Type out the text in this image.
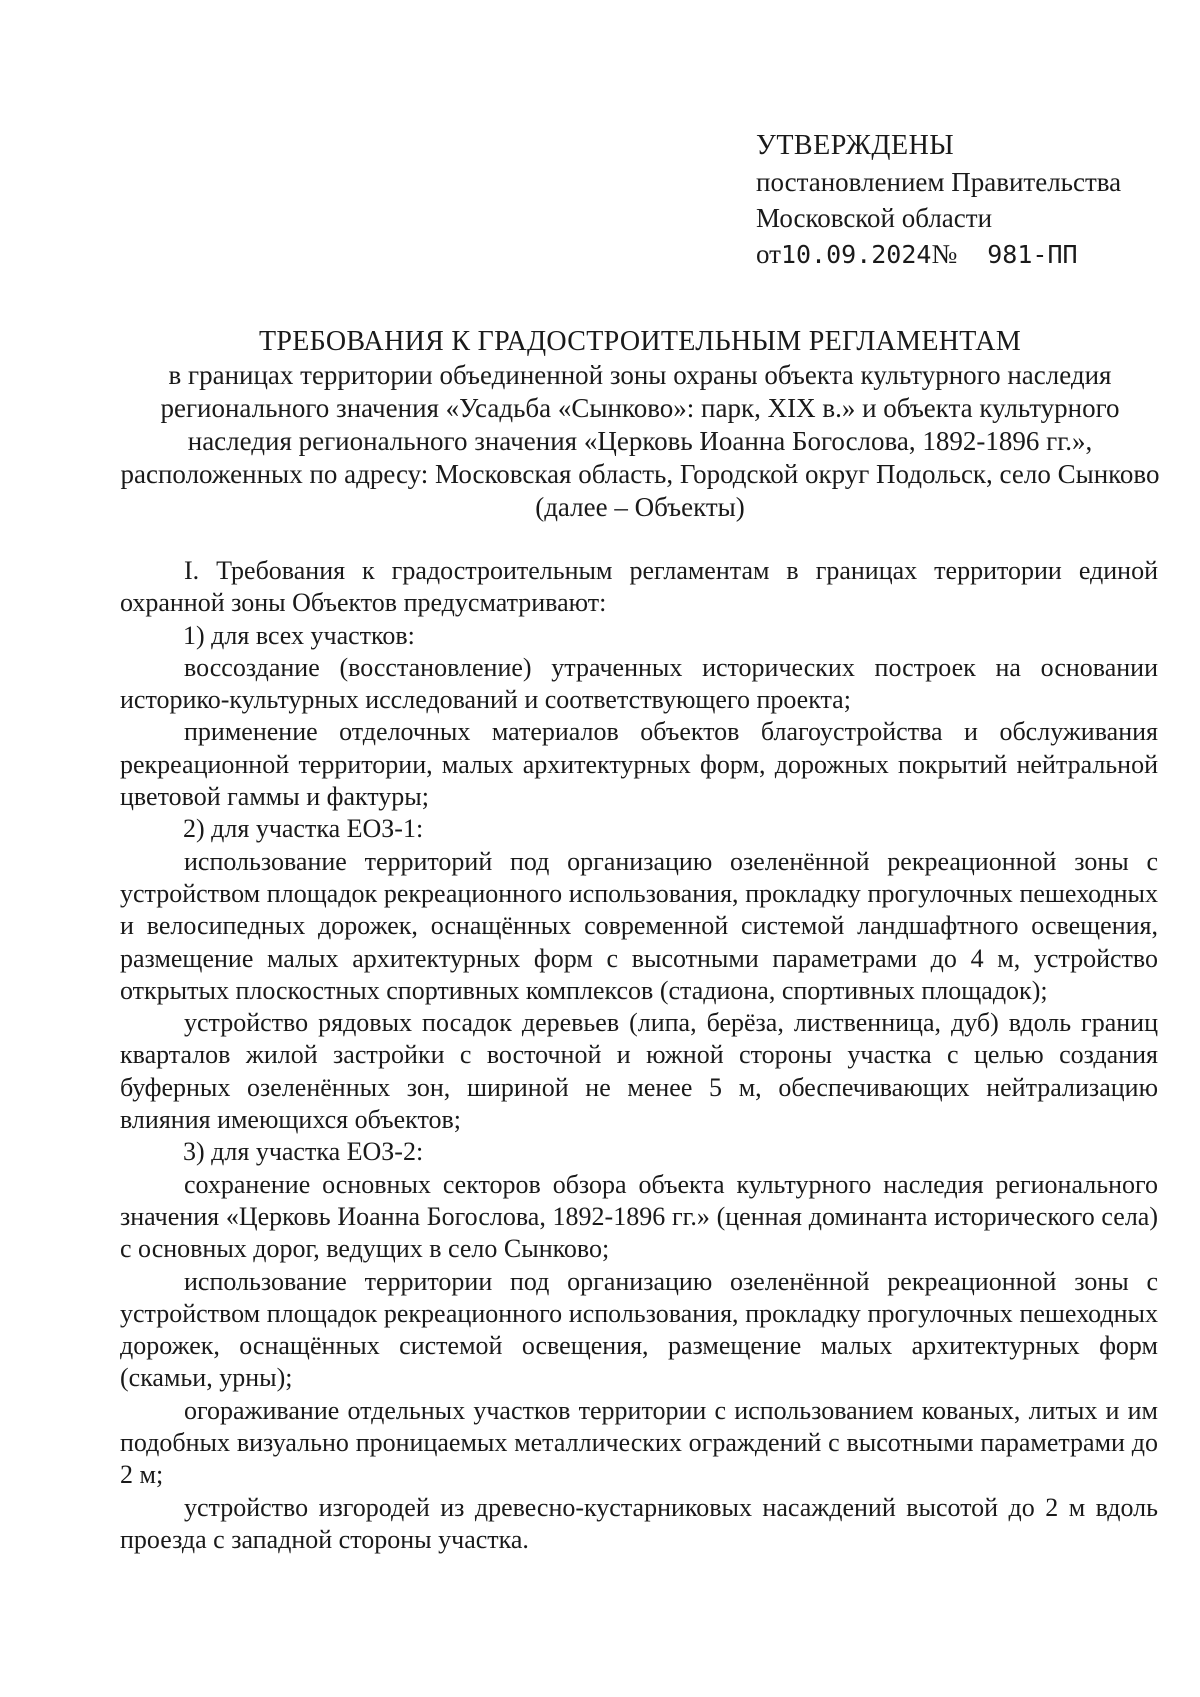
УТВЕРЖДЕНЫ
постановлением Правительства
Московской области
от10.09.2024№ 981-ПП
ТРЕБОВАНИЯ К ГРАДОСТРОИТЕЛЬНЫМ РЕГЛАМЕНТАМ
в границах территории объединенной зоны охраны объекта культурного наследия регионального значения «Усадьба «Сынково»: парк, XIX в.» и объекта культурного наследия регионального значения «Церковь Иоанна Богослова, 1892-1896 гг.», расположенных по адресу: Московская область, Городской округ Подольск, село Сынково (далее – Объекты)

I. Требования к градостроительным регламентам в границах территории единой охранной зоны Объектов предусматривают:

1) для всех участков:

воссоздание (восстановление) утраченных исторических построек на основании историко-культурных исследований и соответствующего проекта;

применение отделочных материалов объектов благоустройства и обслуживания рекреационной территории, малых архитектурных форм, дорожных покрытий нейтральной цветовой гаммы и фактуры;

2) для участка ЕОЗ-1:

использование территорий под организацию озеленённой рекреационной зоны с устройством площадок рекреационного использования, прокладку прогулочных пешеходных и велосипедных дорожек, оснащённых современной системой ландшафтного освещения, размещение малых архитектурных форм с высотными параметрами до 4 м, устройство открытых плоскостных спортивных комплексов (стадиона, спортивных площадок);

устройство рядовых посадок деревьев (липа, берёза, лиственница, дуб) вдоль границ кварталов жилой застройки с восточной и южной стороны участка с целью создания буферных озеленённых зон, шириной не менее 5 м, обеспечивающих нейтрализацию влияния имеющихся объектов;

3) для участка ЕОЗ-2:

сохранение основных секторов обзора объекта культурного наследия регионального значения «Церковь Иоанна Богослова, 1892-1896 гг.» (ценная доминанта исторического села) с основных дорог, ведущих в село Сынково;

использование территории под организацию озеленённой рекреационной зоны с устройством площадок рекреационного использования, прокладку прогулочных пешеходных дорожек, оснащённых системой освещения, размещение малых архитектурных форм (скамьи, урны);

огораживание отдельных участков территории с использованием кованых, литых и им подобных визуально проницаемых металлических ограждений с высотными параметрами до 2 м;

устройство изгородей из древесно-кустарниковых насаждений высотой до 2 м вдоль проезда с западной стороны участка.
